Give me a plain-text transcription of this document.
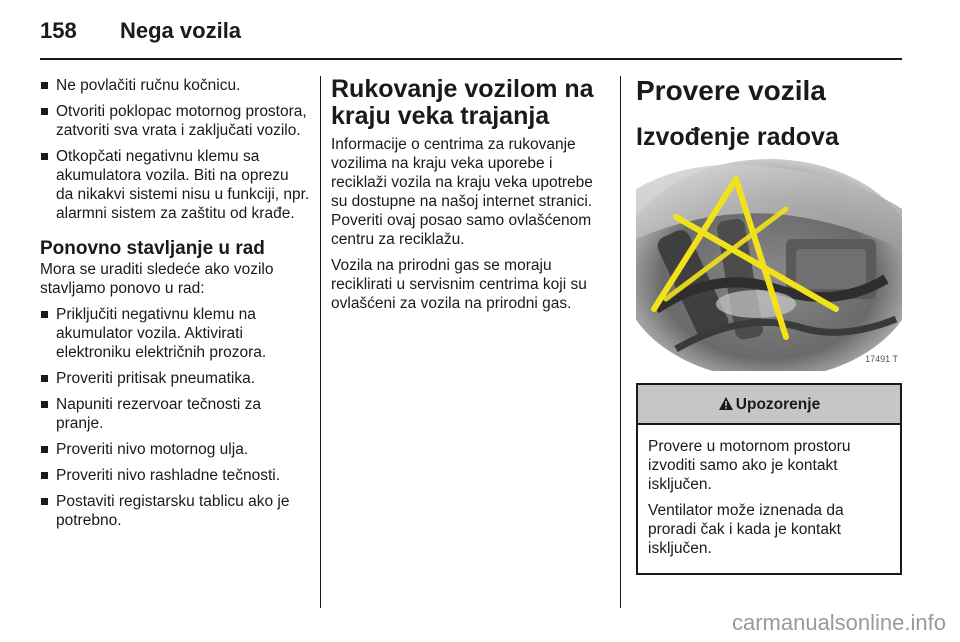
158 Nega vozila
Ne povlačiti ručnu kočnicu.
Otvoriti poklopac motornog prostora, zatvoriti sva vrata i zaključati vozilo.
Otkopčati negativnu klemu sa akumulatora vozila. Biti na oprezu da nikakvi sistemi nisu u funkciji, npr. alarmni sistem za zaštitu od krađe.
Ponovno stavljanje u rad

Mora se uraditi sledeće ako vozilo stavljamo ponovo u rad:

Priključiti negativnu klemu na akumulator vozila. Aktivirati elektroniku električnih prozora.
Proveriti pritisak pneumatika.
Napuniti rezervoar tečnosti za pranje.
Proveriti nivo motornog ulja.
Proveriti nivo rashladne tečnosti.
Postaviti registarsku tablicu ako je potrebno.
Rukovanje vozilom na kraju veka trajanja

Informacije o centrima za rukovanje vozilima na kraju veka uporebe i reciklaži vozila na kraju veka upotrebe su dostupne na našoj internet stranici. Poveriti ovaj posao samo ovlašćenom centru za reciklažu.

Vozila na prirodni gas se moraju reciklirati u servisnim centrima koji su ovlašćeni za vozila na prirodni gas.

Provere vozila
Izvođenje radova
17491 T
Upozorenje

Provere u motornom prostoru izvoditi samo ako je kontakt isključen.

Ventilator može iznenada da proradi čak i kada je kontakt isključen.

carmanualsonline.info
